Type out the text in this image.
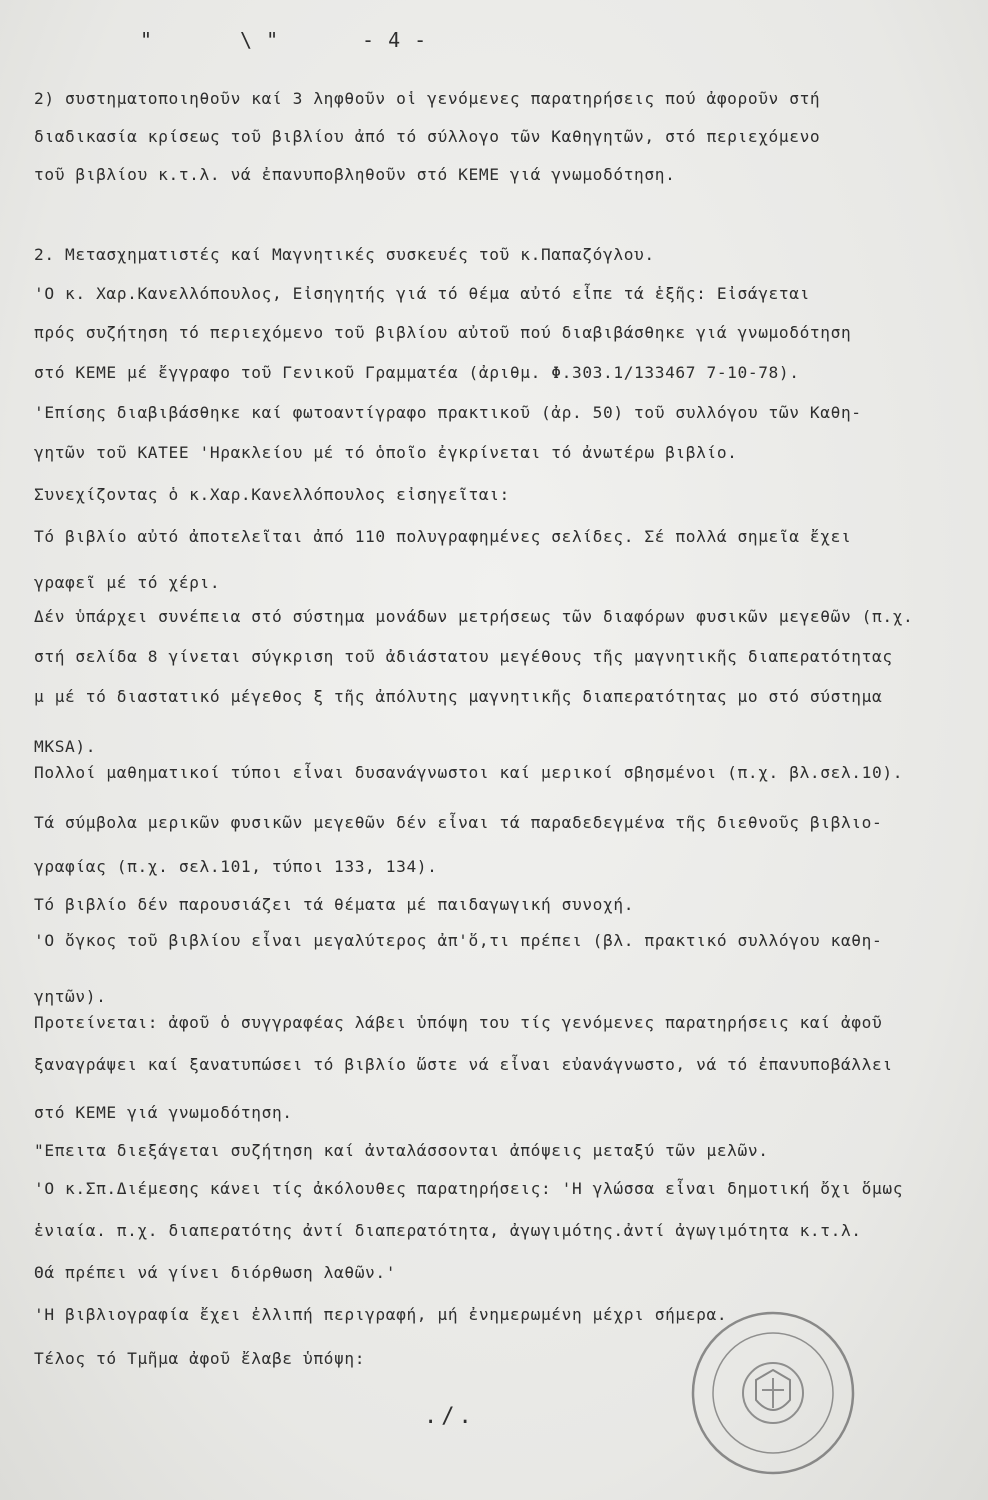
"	\ "	- 4 -
2) συστηματοποιηθοῦν καί 3 ληφθοῦν οἱ γενόμενες παρατηρήσεις πού ἀφοροῦν στή
διαδικασία κρίσεως τοῦ βιβλίου ἀπό τό σύλλογο τῶν Καθηγητῶν, στό περιεχόμενο
τοῦ βιβλίου κ.τ.λ. νά ἐπανυποβληθοῦν στό ΚΕΜΕ γιά γνωμοδότηση.
2. Μετασχηματιστές καί Μαγνητικές συσκευές τοῦ κ.Παπαζόγλου.
'Ο κ. Χαρ.Κανελλόπουλος, Εἰσηγητής γιά τό θέμα αὐτό εἶπε τά ἑξῆς: Εἰσάγεται
πρός συζήτηση τό περιεχόμενο τοῦ βιβλίου αὐτοῦ πού διαβιβάσθηκε γιά γνωμοδότηση
στό ΚΕΜΕ μέ ἔγγραφο τοῦ Γενικοῦ Γραμματέα (ἀριθμ. Φ.303.1/133467 7-10-78).
'Επίσης διαβιβάσθηκε καί φωτοαντίγραφο πρακτικοῦ (ἀρ. 50) τοῦ συλλόγου τῶν Καθη-
γητῶν τοῦ ΚΑΤΕΕ 'Ηρακλείου μέ τό ὁποῖο ἐγκρίνεται τό ἀνωτέρω βιβλίο.
Συνεχίζοντας ὁ κ.Χαρ.Κανελλόπουλος εἰσηγεῖται:
Τό βιβλίο αὐτό ἀποτελεῖται ἀπό 110 πολυγραφημένες σελίδες. Σέ πολλά σημεῖα ἔχει
γραφεῖ μέ τό χέρι.
Δέν ὑπάρχει συνέπεια στό σύστημα μονάδων μετρήσεως τῶν διαφόρων φυσικῶν μεγεθῶν (π.χ.
στή σελίδα 8 γίνεται σύγκριση τοῦ ἀδιάστατου μεγέθους τῆς μαγνητικῆς διαπερατότητας
μ μέ τό διαστατικό μέγεθος ξ τῆς ἀπόλυτης μαγνητικῆς διαπερατότητας μο στό σύστημα
MKSA).
Πολλοί μαθηματικοί τύποι εἶναι δυσανάγνωστοι καί μερικοί σβησμένοι (π.χ. βλ.σελ.10).
Τά σύμβολα μερικῶν φυσικῶν μεγεθῶν δέν εἶναι τά παραδεδεγμένα τῆς διεθνοῦς βιβλιο-
γραφίας (π.χ. σελ.101, τύποι 133, 134).
Τό βιβλίο δέν παρουσιάζει τά θέματα μέ παιδαγωγική συνοχή.
'Ο ὄγκος τοῦ βιβλίου εἶναι μεγαλύτερος ἀπ'ὅ,τι πρέπει (βλ. πρακτικό συλλόγου καθη-
γητῶν).
Προτείνεται: ἀφοῦ ὁ συγγραφέας λάβει ὑπόψη του τίς γενόμενες παρατηρήσεις καί ἀφοῦ
ξαναγράψει καί ξανατυπώσει τό βιβλίο ὥστε νά εἶναι εὐανάγνωστο, νά τό ἐπανυποβάλλει
στό ΚΕΜΕ γιά γνωμοδότηση.
"Επειτα διεξάγεται συζήτηση καί ἀνταλάσσονται ἀπόψεις μεταξύ τῶν μελῶν.
'Ο κ.Σπ.Διέμεσης κάνει τίς ἀκόλουθες παρατηρήσεις: 'Η γλώσσα εἶναι δημοτική ὄχι ὅμως
ἑνιαία. π.χ. διαπερατότης ἀντί διαπερατότητα, ἀγωγιμότης.ἀντί ἀγωγιμότητα κ.τ.λ.
Θά πρέπει νά γίνει διόρθωση λαθῶν.'
'Η βιβλιογραφία ἔχει ἐλλιπή περιγραφή, μή ἐνημερωμένη μέχρι σήμερα.
Τέλος τό Τμῆμα ἀφοῦ ἔλαβε ὑπόψη:
./.
